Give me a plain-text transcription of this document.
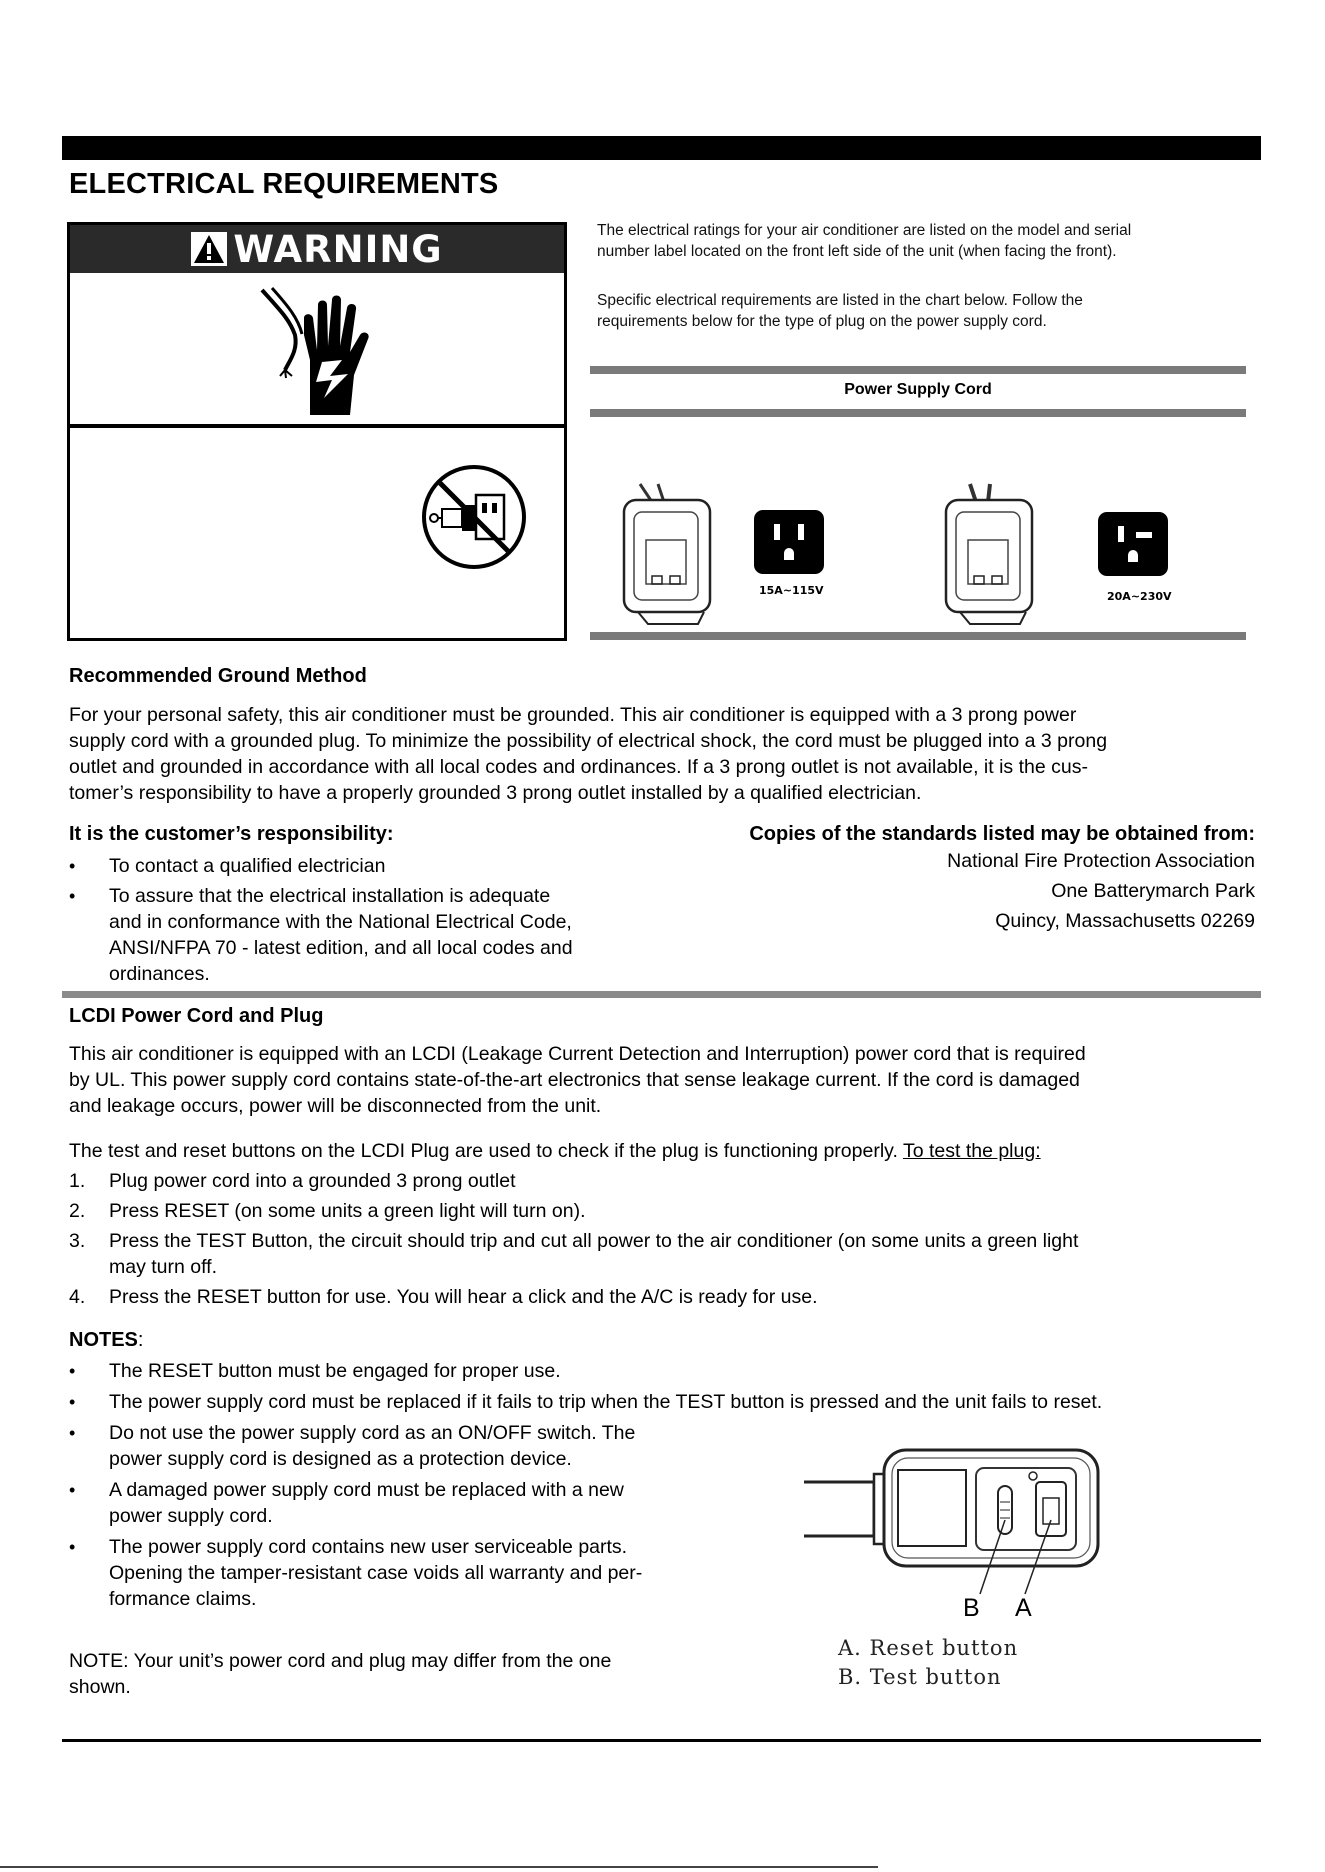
ELECTRICAL REQUIREMENTS
WARNING	The electrical ratings for your air conditioner are listed on the model and serial
number label located on the front left side of the unit (when facing the front).
Specific electrical requirements are listed in the chart below. Follow the
requirements below for the type of plug on the power supply cord.
Power Supply Cord
15A~115V	20A~230V
Recommended Ground Method
For your personal safety, this air conditioner must be grounded. This air conditioner is equipped with a 3 prong power
supply cord with a grounded plug. To minimize the possibility of electrical shock, the cord must be plugged into a 3 prong
outlet and grounded in accordance with all local codes and ordinances. If a 3 prong outlet is not available, it is the cus-
tomer’s responsibility to have a properly grounded 3 prong outlet installed by a qualified electrician.
It is the customer’s responsibility:
• To contact a qualified electrician
• To assure that the electrical installation is adequate
and in conformance with the National Electrical Code,
ANSI/NFPA 70 - latest edition, and all local codes and
ordinances.
Copies of the standards listed may be obtained from:
National Fire Protection Association
One Batterymarch Park
Quincy, Massachusetts 02269
LCDI Power Cord and Plug
This air conditioner is equipped with an LCDI (Leakage Current Detection and Interruption) power cord that is required
by UL. This power supply cord contains state-of-the-art electronics that sense leakage current. If the cord is damaged
and leakage occurs, power will be disconnected from the unit.
The test and reset buttons on the LCDI Plug are used to check if the plug is functioning properly. To test the plug:
1. Plug power cord into a grounded 3 prong outlet
2. Press RESET (on some units a green light will turn on).
3. Press the TEST Button, the circuit should trip and cut all power to the air conditioner (on some units a green light
may turn off.
4. Press the RESET button for use. You will hear a click and the A/C is ready for use.
NOTES:
• The RESET button must be engaged for proper use.
• The power supply cord must be replaced if it fails to trip when the TEST button is pressed and the unit fails to reset.
• Do not use the power supply cord as an ON/OFF switch. The
power supply cord is designed as a protection device.
• A damaged power supply cord must be replaced with a new
power supply cord.
• The power supply cord contains new user serviceable parts.
Opening the tamper-resistant case voids all warranty and per-
formance claims.
NOTE: Your unit’s power cord and plug may differ from the one
shown.
B A
A. Reset button
B. Test button
